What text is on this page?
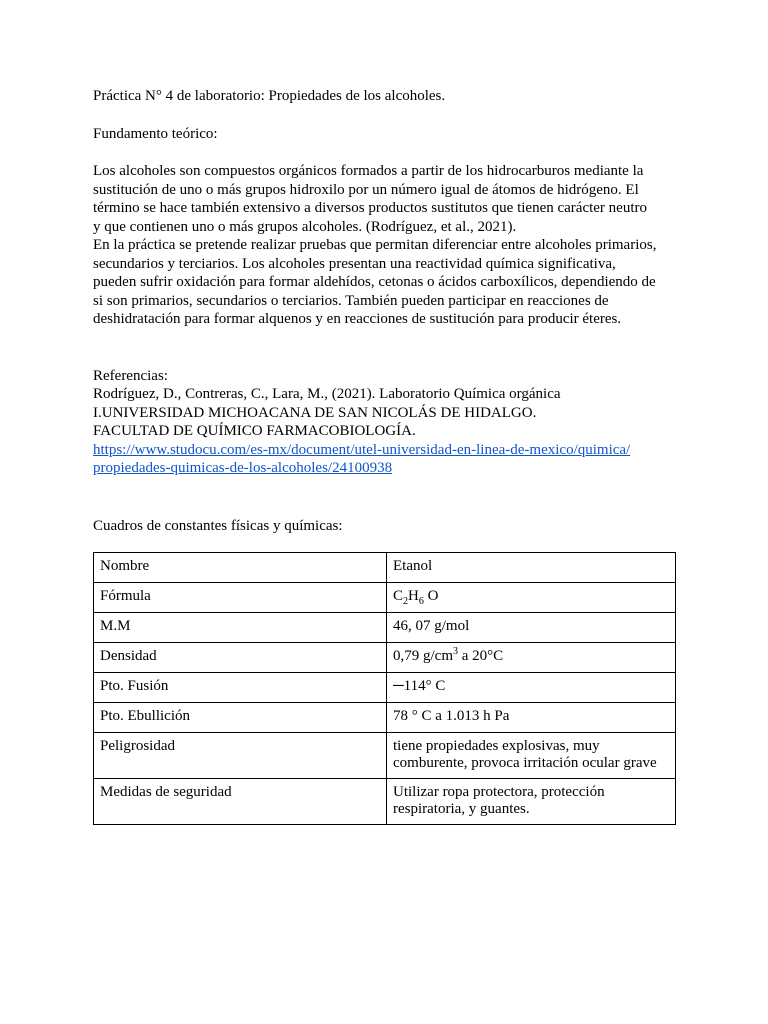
Práctica N° 4 de laboratorio: Propiedades de los alcoholes.

Fundamento teórico:

Los alcoholes son compuestos orgánicos formados a partir de los hidrocarburos mediante la
sustitución de uno o más grupos hidroxilo por un número igual de átomos de hidrógeno. El
término se hace también extensivo a diversos productos sustitutos que tienen carácter neutro
y que contienen uno o más grupos alcoholes. (Rodríguez, et al., 2021).
En la práctica se pretende realizar pruebas que permitan diferenciar entre alcoholes primarios,
secundarios y terciarios. Los alcoholes presentan una reactividad química significativa,
pueden sufrir oxidación para formar aldehídos, cetonas o ácidos carboxílicos, dependiendo de
si son primarios, secundarios o terciarios. También pueden participar en reacciones de
deshidratación para formar alquenos y en reacciones de sustitución para producir éteres.
Referencias:
Rodríguez, D., Contreras, C., Lara, M., (2021). Laboratorio Química orgánica
I.UNIVERSIDAD MICHOACANA DE SAN NICOLÁS DE HIDALGO.
FACULTAD DE QUÍMICO FARMACOBIOLOGÍA.
https://www.studocu.com/es-mx/document/utel-universidad-en-linea-de-mexico/quimica/
propiedades-quimicas-de-los-alcoholes/24100938

Cuadros de constantes físicas y químicas:

Nombre	Etanol
Fórmula	$C_2H_6$ O
M.M	46, 07 g/mol
Densidad	0,79 $g/cm^3$ a 20°C
Pto. Fusión	─114° C
Pto. Ebullición	78 ° C a 1.013 h Pa
Peligrosidad	tiene propiedades explosivas, muy
comburente, provoca irritación ocular grave

Medidas de seguridad	Utilizar ropa protectora, protección
respiratoria, y guantes.
